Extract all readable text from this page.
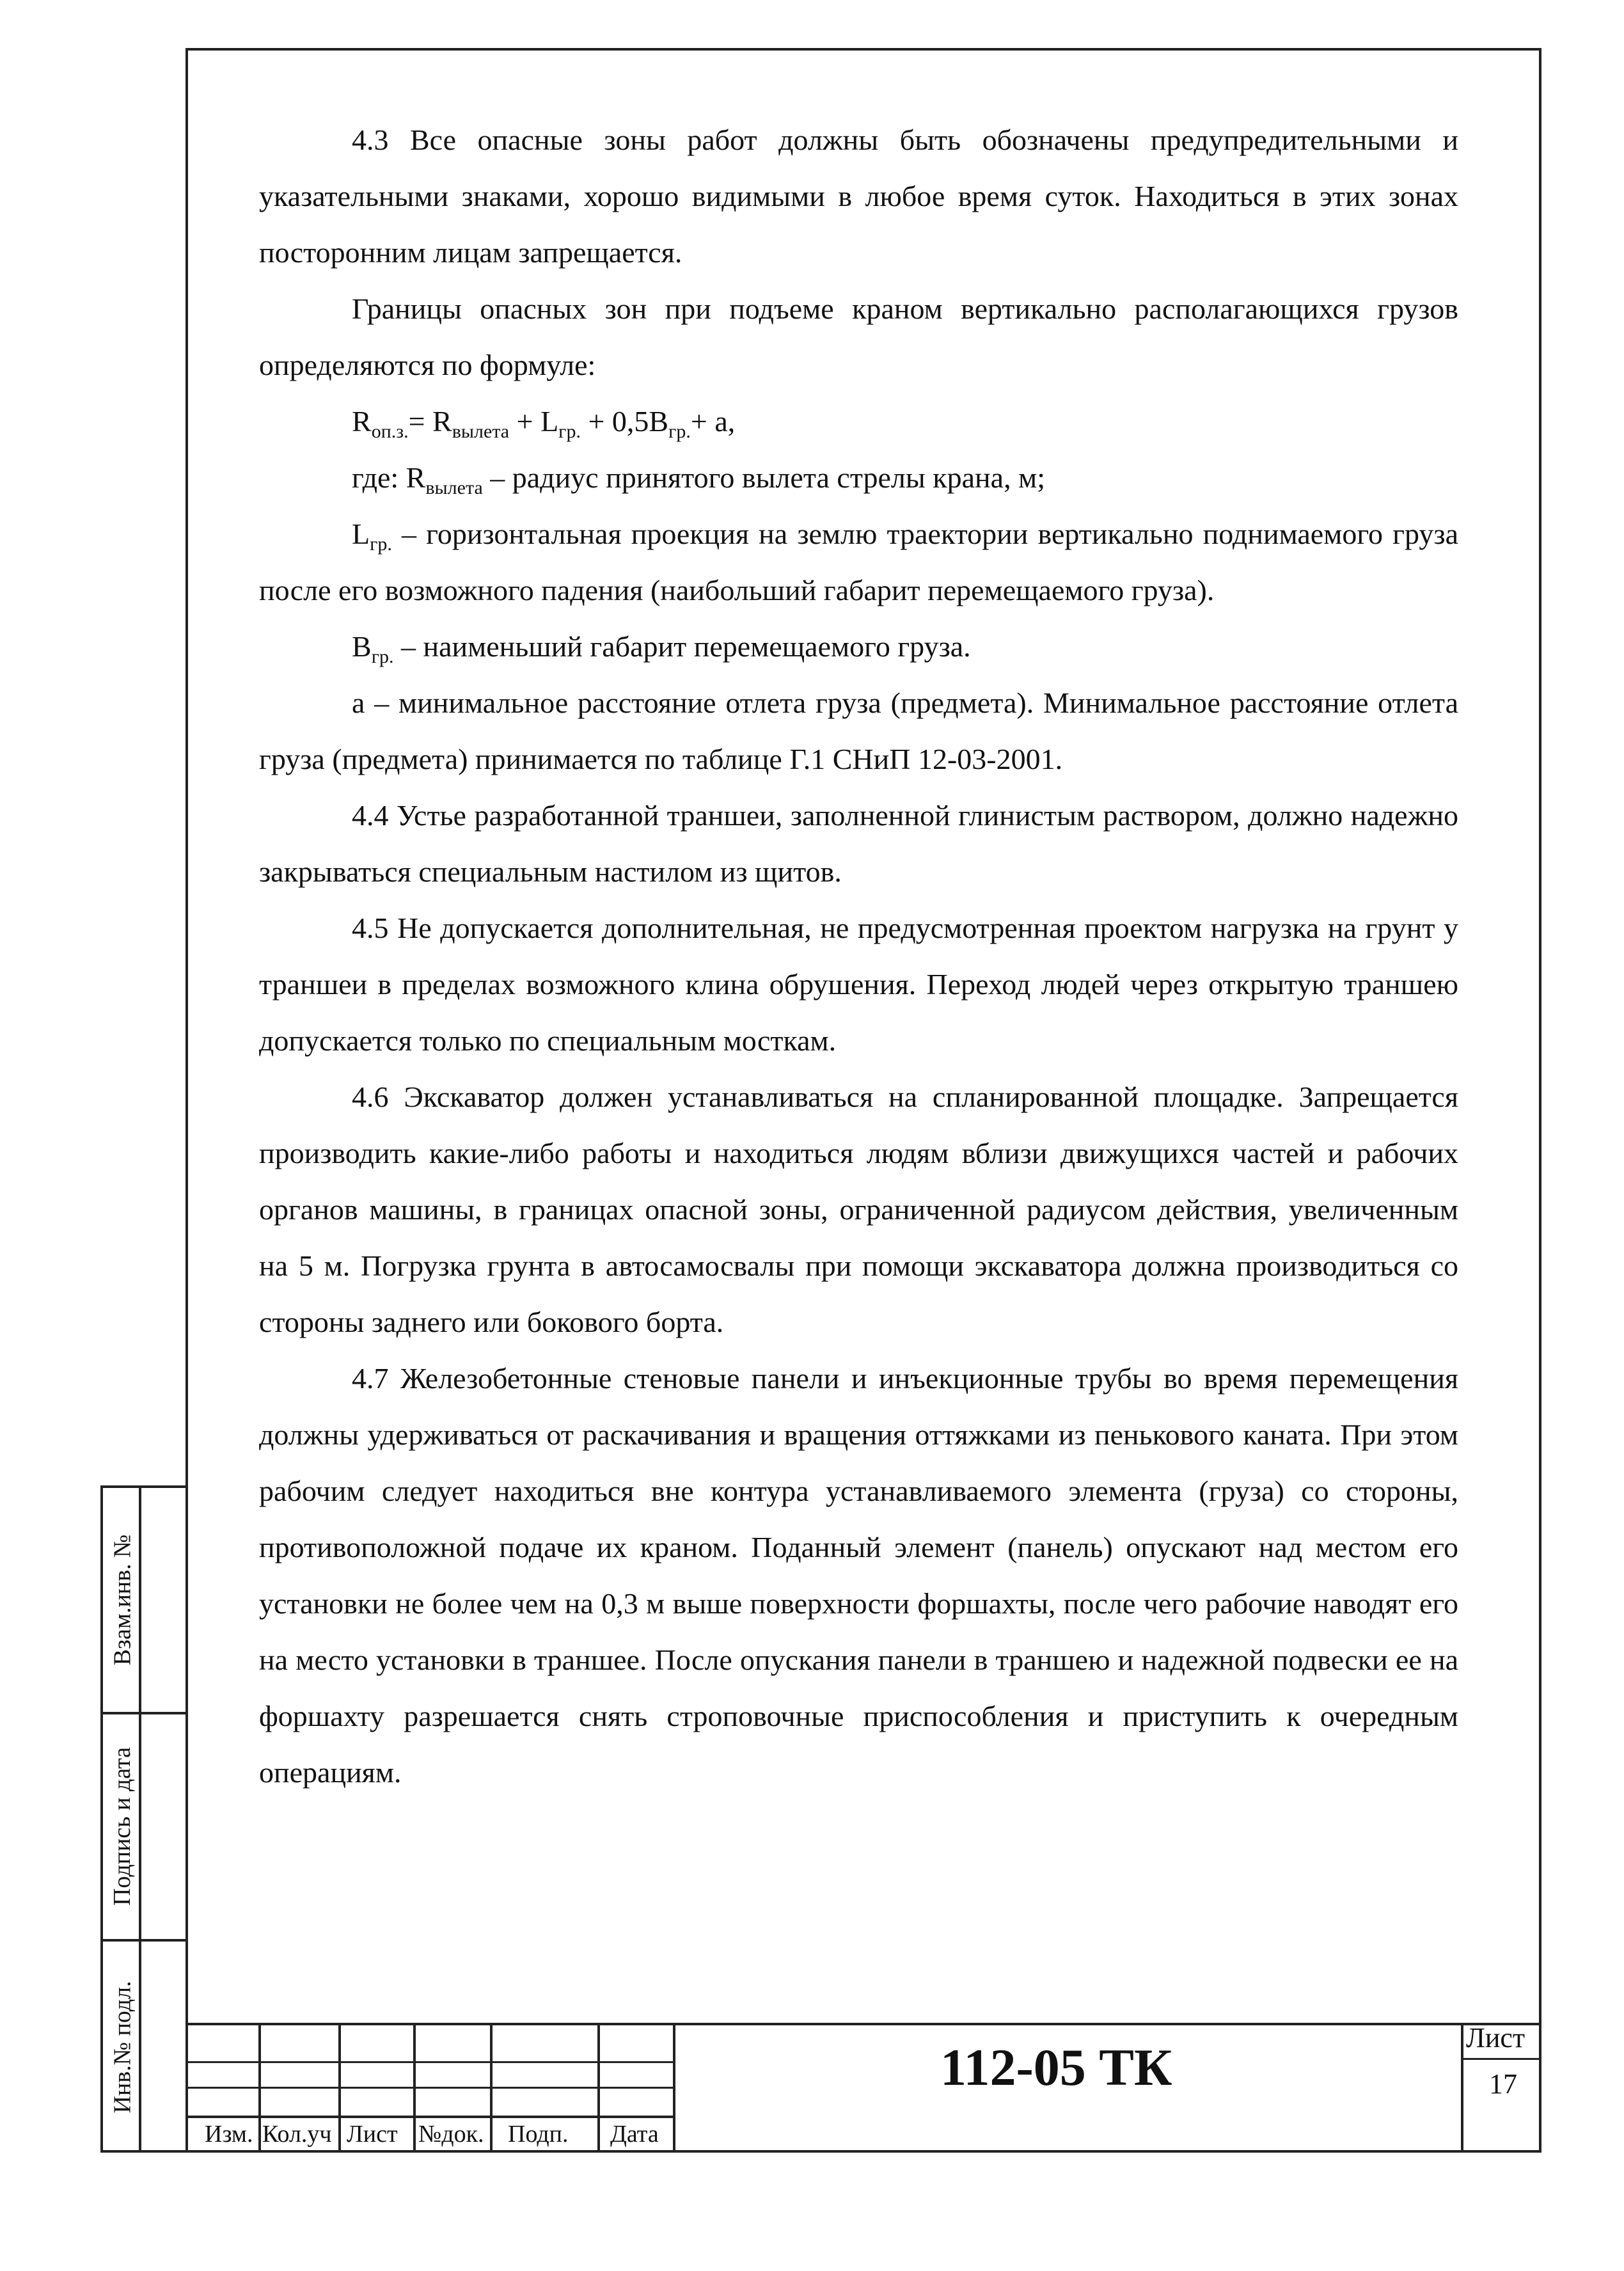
4.3 Все опасные зоны работ должны быть обозначены предупредительными и указательными знаками, хорошо видимыми в любое время суток. Находиться в этих зонах посторонним лицам запрещается.

Границы опасных зон при подъеме краном вертикально располагающихся грузов определяются по формуле:

$R_{оп.з.}= R_{вылета} + L_{гр.} + 0,5B_{гр.}+ а$,

где: $R_{вылета}$ – радиус принятого вылета стрелы крана, м;

$L_{гр.}$ – горизонтальная проекция на землю траектории вертикально поднимаемого груза после его возможного падения (наибольший габарит перемещаемого груза).

$B_{гр.}$ – наименьший габарит перемещаемого груза.

а – минимальное расстояние отлета груза (предмета). Минимальное расстояние отлета груза (предмета) принимается по таблице Г.1 СНиП 12-03-2001.

4.4 Устье разработанной траншеи, заполненной глинистым раствором, должно надежно закрываться специальным настилом из щитов.

4.5 Не допускается дополнительная, не предусмотренная проектом нагрузка на грунт у траншеи в пределах возможного клина обрушения. Переход людей через открытую траншею допускается только по специальным мосткам.

4.6 Экскаватор должен устанавливаться на спланированной площадке. Запрещается производить какие-либо работы и находиться людям вблизи движущихся частей и рабочих органов машины, в границах опасной зоны, ограниченной радиусом действия, увеличенным на 5 м. Погрузка грунта в автосамосвалы при помощи экскаватора должна производиться со стороны заднего или бокового борта.

4.7 Железобетонные стеновые панели и инъекционные трубы во время перемещения должны удерживаться от раскачивания и вращения оттяжками из пенькового каната. При этом рабочим следует находиться вне контура устанавливаемого элемента (груза) со стороны, противоположной подаче их краном. Поданный элемент (панель) опускают над местом его установки не более чем на 0,3 м выше поверхности форшахты, после чего рабочие наводят его на место установки в траншее. После опускания панели в траншею и надежной подвески ее на форшахту разрешается снять строповочные приспособления и приступить к очередным операциям.

Взам.инв. №
Подпись и дата
Инв.№ подл.
Изм. Кол.уч Лист №док. Подп. Дата
112-05 ТК
Лист
17
